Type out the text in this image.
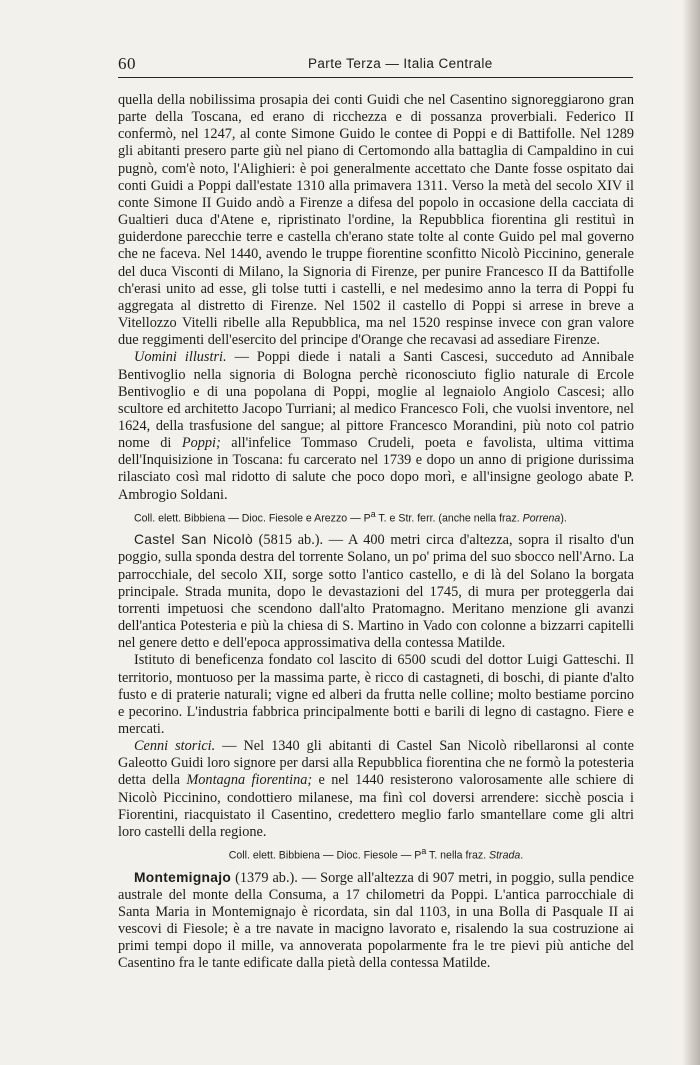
60	Parte Terza — Italia Centrale

quella della nobilissima prosapia dei conti Guidi che nel Casentino signoreggiarono gran parte della Toscana, ed erano di ricchezza e di possanza proverbiali. Federico II confermò, nel 1247, al conte Simone Guido le contee di Poppi e di Battifolle. Nel 1289 gli abitanti presero parte giù nel piano di Certomondo alla battaglia di Campaldino in cui pugnò, com'è noto, l'Alighieri: è poi generalmente accettato che Dante fosse ospitato dai conti Guidi a Poppi dall'estate 1310 alla primavera 1311. Verso la metà del secolo XIV il conte Simone II Guido andò a Firenze a difesa del popolo in occasione della cacciata di Gualtieri duca d'Atene e, ripristinato l'ordine, la Repubblica fiorentina gli restituì in guiderdone parecchie terre e castella ch'erano state tolte al conte Guido pel mal governo che ne faceva. Nel 1440, avendo le truppe fiorentine sconfitto Nicolò Piccinino, generale del duca Visconti di Milano, la Signoria di Firenze, per punire Francesco II da Battifolle ch'erasi unito ad esse, gli tolse tutti i castelli, e nel medesimo anno la terra di Poppi fu aggregata al distretto di Firenze. Nel 1502 il castello di Poppi si arrese in breve a Vitellozzo Vitelli ribelle alla Repubblica, ma nel 1520 respinse invece con gran valore due reggimenti dell'esercito del principe d'Orange che recavasi ad assediare Firenze.

Uomini illustri. — Poppi diede i natali a Santi Cascesi, succeduto ad Annibale Bentivoglio nella signoria di Bologna perchè riconosciuto figlio naturale di Ercole Bentivoglio e di una popolana di Poppi, moglie al legnaiolo Angiolo Cascesi; allo scultore ed architetto Jacopo Turriani; al medico Francesco Foli, che vuolsi inventore, nel 1624, della trasfusione del sangue; al pittore Francesco Morandini, più noto col patrio nome di Poppi; all'infelice Tommaso Crudeli, poeta e favolista, ultima vittima dell'Inquisizione in Toscana: fu carcerato nel 1739 e dopo un anno di prigione durissima rilasciato così mal ridotto di salute che poco dopo morì, e all'insigne geologo abate P. Ambrogio Soldani.

Coll. elett. Bibbiena — Dioc. Fiesole e Arezzo — $P^a$ T. e Str. ferr. (anche nella fraz. Porrena).

Castel San Nicolò (5815 ab.). — A 400 metri circa d'altezza, sopra il risalto d'un poggio, sulla sponda destra del torrente Solano, un po' prima del suo sbocco nell'Arno. La parrocchiale, del secolo XII, sorge sotto l'antico castello, e di là del Solano la borgata principale. Strada munita, dopo le devastazioni del 1745, di mura per proteggerla dai torrenti impetuosi che scendono dall'alto Pratomagno. Meritano menzione gli avanzi dell'antica Potesteria e più la chiesa di S. Martino in Vado con colonne a bizzarri capitelli nel genere detto e dell'epoca approssimativa della contessa Matilde.

Istituto di beneficenza fondato col lascito di 6500 scudi del dottor Luigi Gatteschi. Il territorio, montuoso per la massima parte, è ricco di castagneti, di boschi, di piante d'alto fusto e di praterie naturali; vigne ed alberi da frutta nelle colline; molto bestiame porcino e pecorino. L'industria fabbrica principalmente botti e barili di legno di castagno. Fiere e mercati.

Cenni storici. — Nel 1340 gli abitanti di Castel San Nicolò ribellaronsi al conte Galeotto Guidi loro signore per darsi alla Repubblica fiorentina che ne formò la potesteria detta della Montagna fiorentina; e nel 1440 resisterono valorosamente alle schiere di Nicolò Piccinino, condottiero milanese, ma finì col doversi arrendere: sicchè poscia i Fiorentini, riacquistato il Casentino, credettero meglio farlo smantellare come gli altri loro castelli della regione.

Coll. elett. Bibbiena — Dioc. Fiesole — $P^a$ T. nella fraz. Strada.

Montemignajo (1379 ab.). — Sorge all'altezza di 907 metri, in poggio, sulla pendice australe del monte della Consuma, a 17 chilometri da Poppi. L'antica parrocchiale di Santa Maria in Montemignajo è ricordata, sin dal 1103, in una Bolla di Pasquale II ai vescovi di Fiesole; è a tre navate in macigno lavorato e, risalendo la sua costruzione ai primi tempi dopo il mille, va annoverata popolarmente fra le tre pievi più antiche del Casentino fra le tante edificate dalla pietà della contessa Matilde.
